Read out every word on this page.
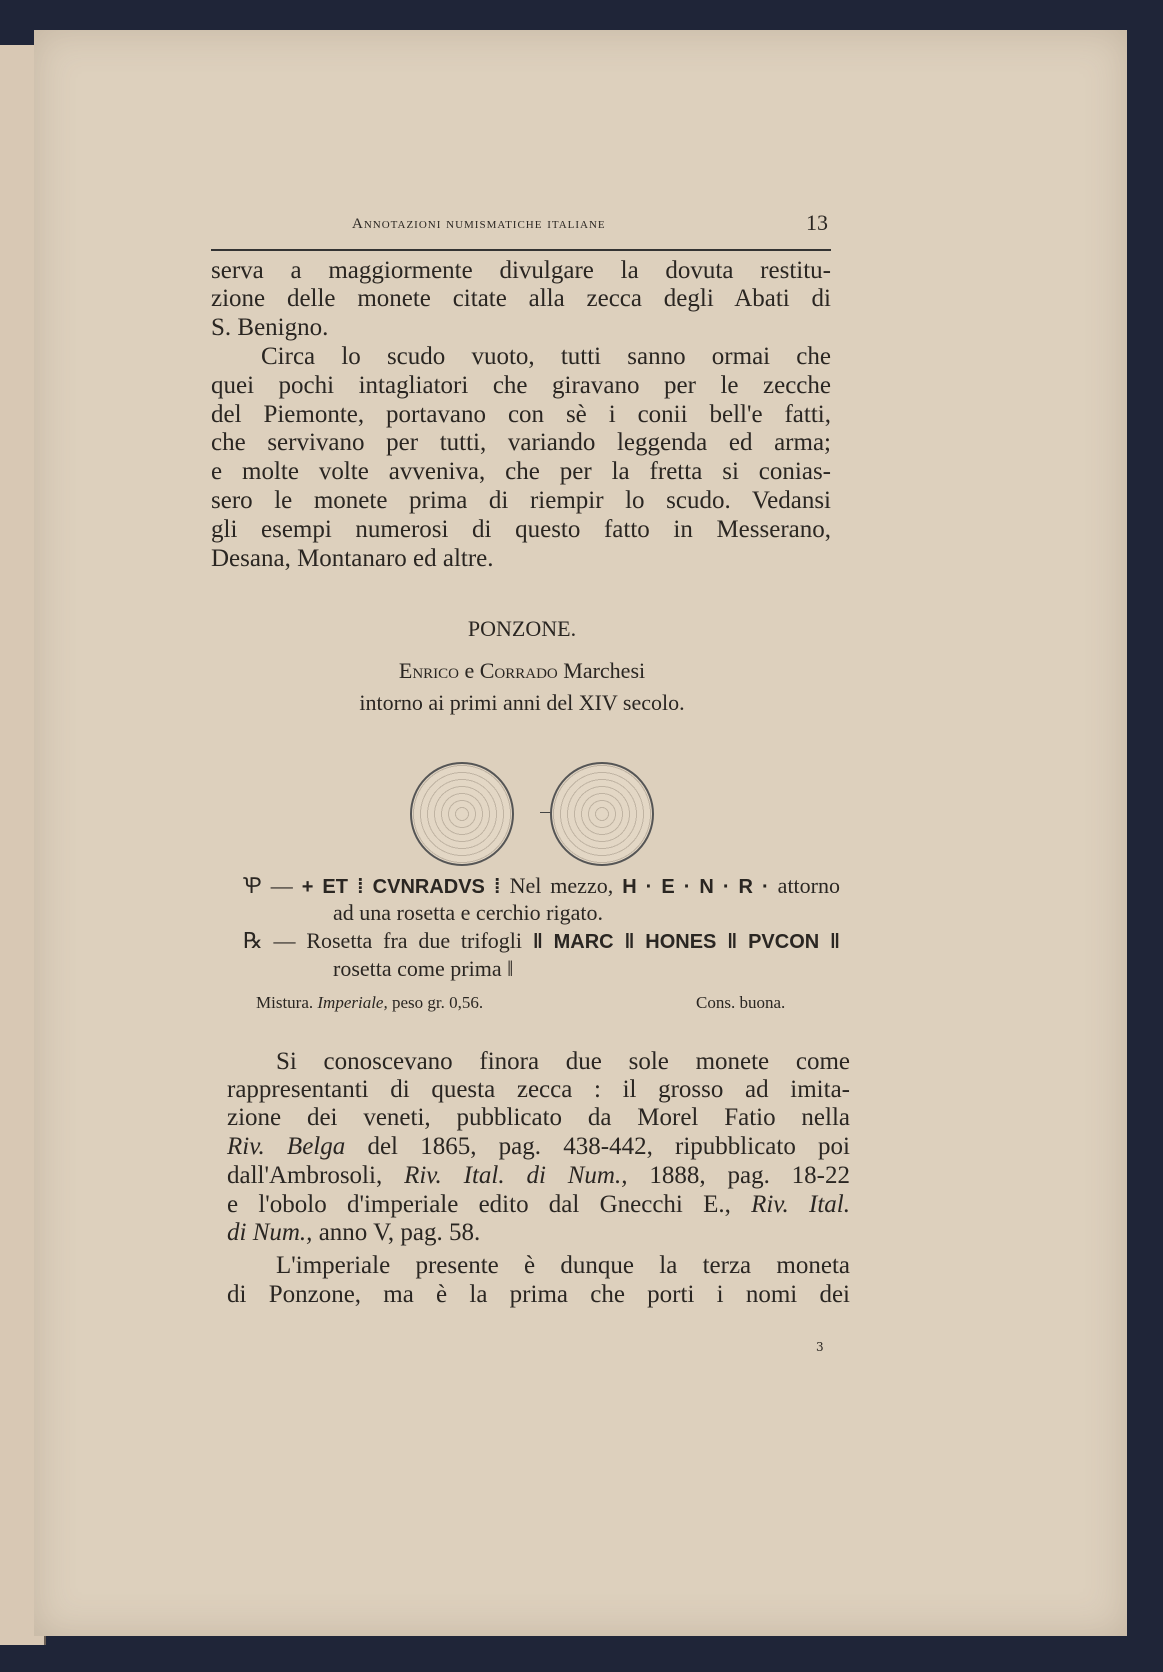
Annotazioni numismatiche italiane	13
serva a maggiormente divulgare la dovuta restitu-
zione delle monete citate alla zecca degli Abati di
S. Benigno.
Circa lo scudo vuoto, tutti sanno ormai che
quei pochi intagliatori che giravano per le zecche
del Piemonte, portavano con sè i conii bell'e fatti,
che servivano per tutti, variando leggenda ed arma;
e molte volte avveniva, che per la fretta si conias-
sero le monete prima di riempir lo scudo. Vedansi
gli esempi numerosi di questo fatto in Messerano,
Desana, Montanaro ed altre.
PONZONE.
Enrico e Corrado Marchesi
intorno ai primi anni del XIV secolo.
Ꝕ — + ET ⁞ CVNRADVS ⁞ Nel mezzo, H · E · N · R · attorno
ad una rosetta e cerchio rigato.
℞ — Rosetta fra due trifogli ‖ MARC ‖ HONES ‖ PVCON ‖
rosetta come prima ‖
Mistura. Imperiale, peso gr. 0,56.	Cons. buona.
Si conoscevano finora due sole monete come
rappresentanti di questa zecca : il grosso ad imita-
zione dei veneti, pubblicato da Morel Fatio nella
Riv. Belga del 1865, pag. 438-442, ripubblicato poi
dall'Ambrosoli, Riv. Ital. di Num., 1888, pag. 18-22
e l'obolo d'imperiale edito dal Gnecchi E., Riv. Ital.
di Num., anno V, pag. 58.
L'imperiale presente è dunque la terza moneta
di Ponzone, ma è la prima che porti i nomi dei
3
